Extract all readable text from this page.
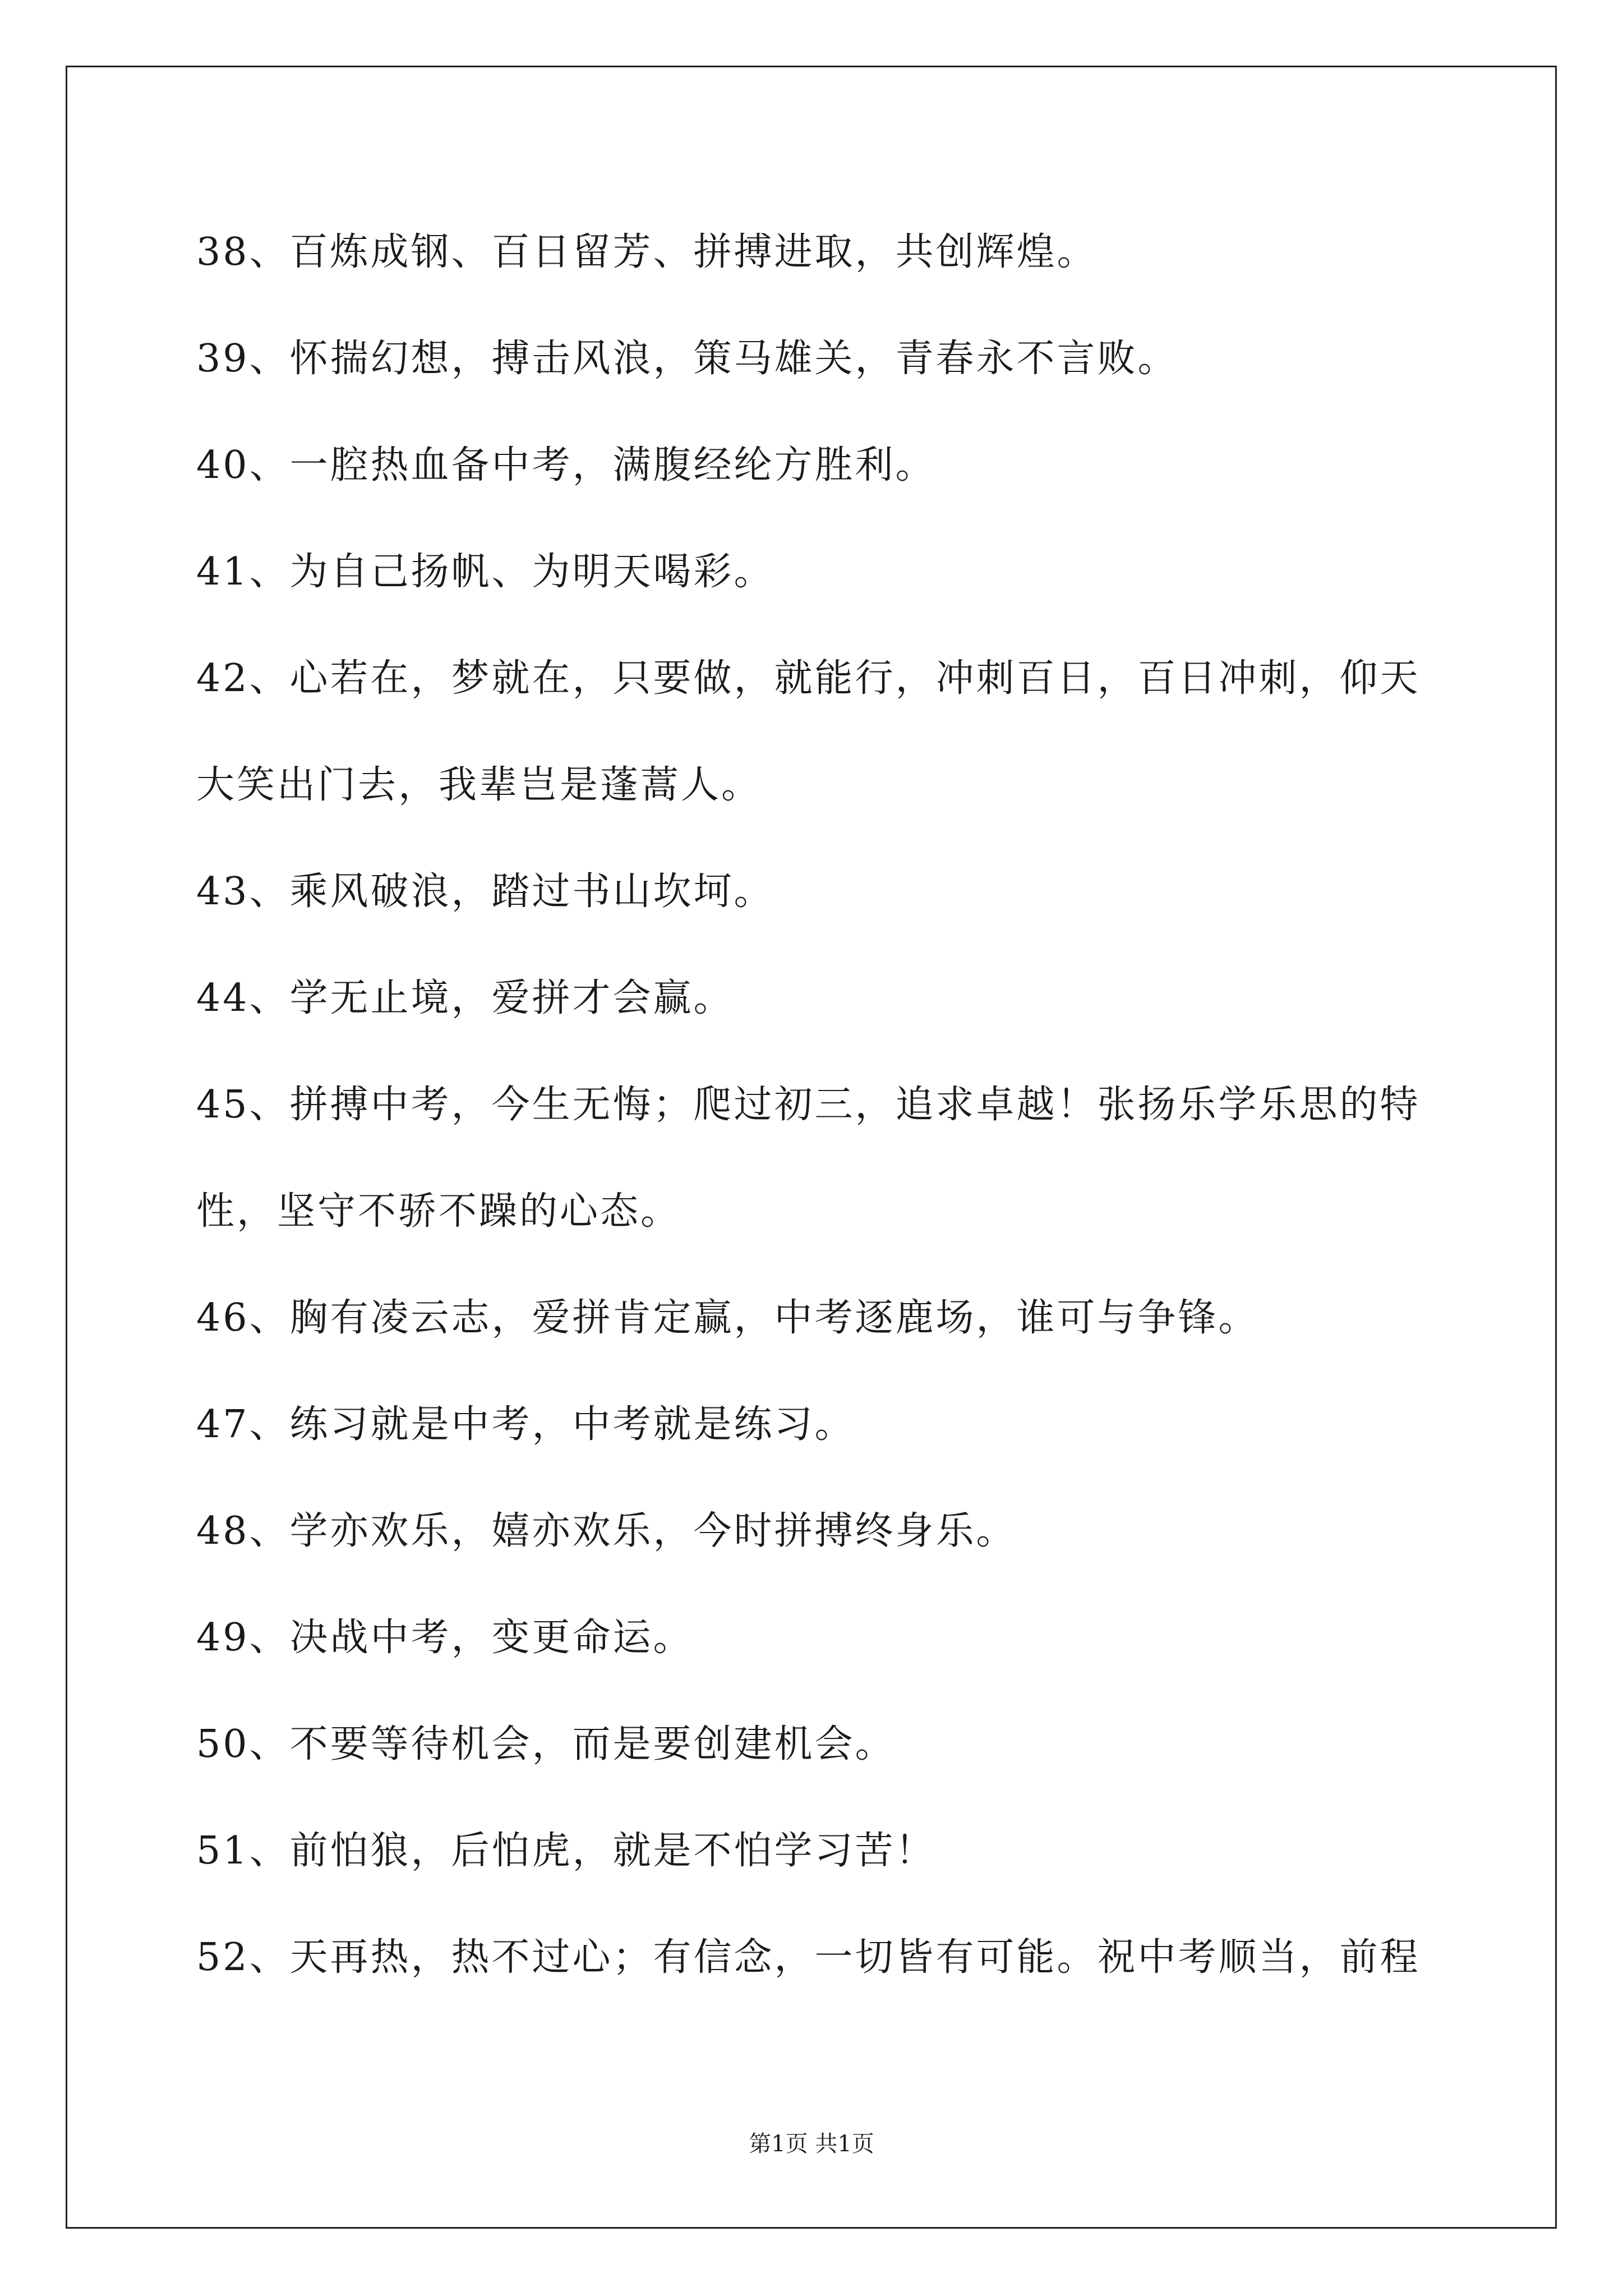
38、百炼成钢、百日留芳、拼搏进取，共创辉煌。
39、怀揣幻想，搏击风浪，策马雄关，青春永不言败。
40、一腔热血备中考，满腹经纶方胜利。
41、为自己扬帆、为明天喝彩。
42、心若在，梦就在，只要做，就能行，冲刺百日，百日冲刺，仰天
大笑出门去，我辈岂是蓬蒿人。
43、乘风破浪，踏过书山坎坷。
44、学无止境，爱拼才会赢。
45、拼搏中考，今生无悔；爬过初三，追求卓越！张扬乐学乐思的特
性，坚守不骄不躁的心态。
46、胸有凌云志，爱拼肯定赢，中考逐鹿场，谁可与争锋。
47、练习就是中考，中考就是练习。
48、学亦欢乐，嬉亦欢乐，今时拼搏终身乐。
49、决战中考，变更命运。
50、不要等待机会，而是要创建机会。
51、前怕狼，后怕虎，就是不怕学习苦！
52、天再热，热不过心；有信念，一切皆有可能。祝中考顺当，前程
第1页 共1页
